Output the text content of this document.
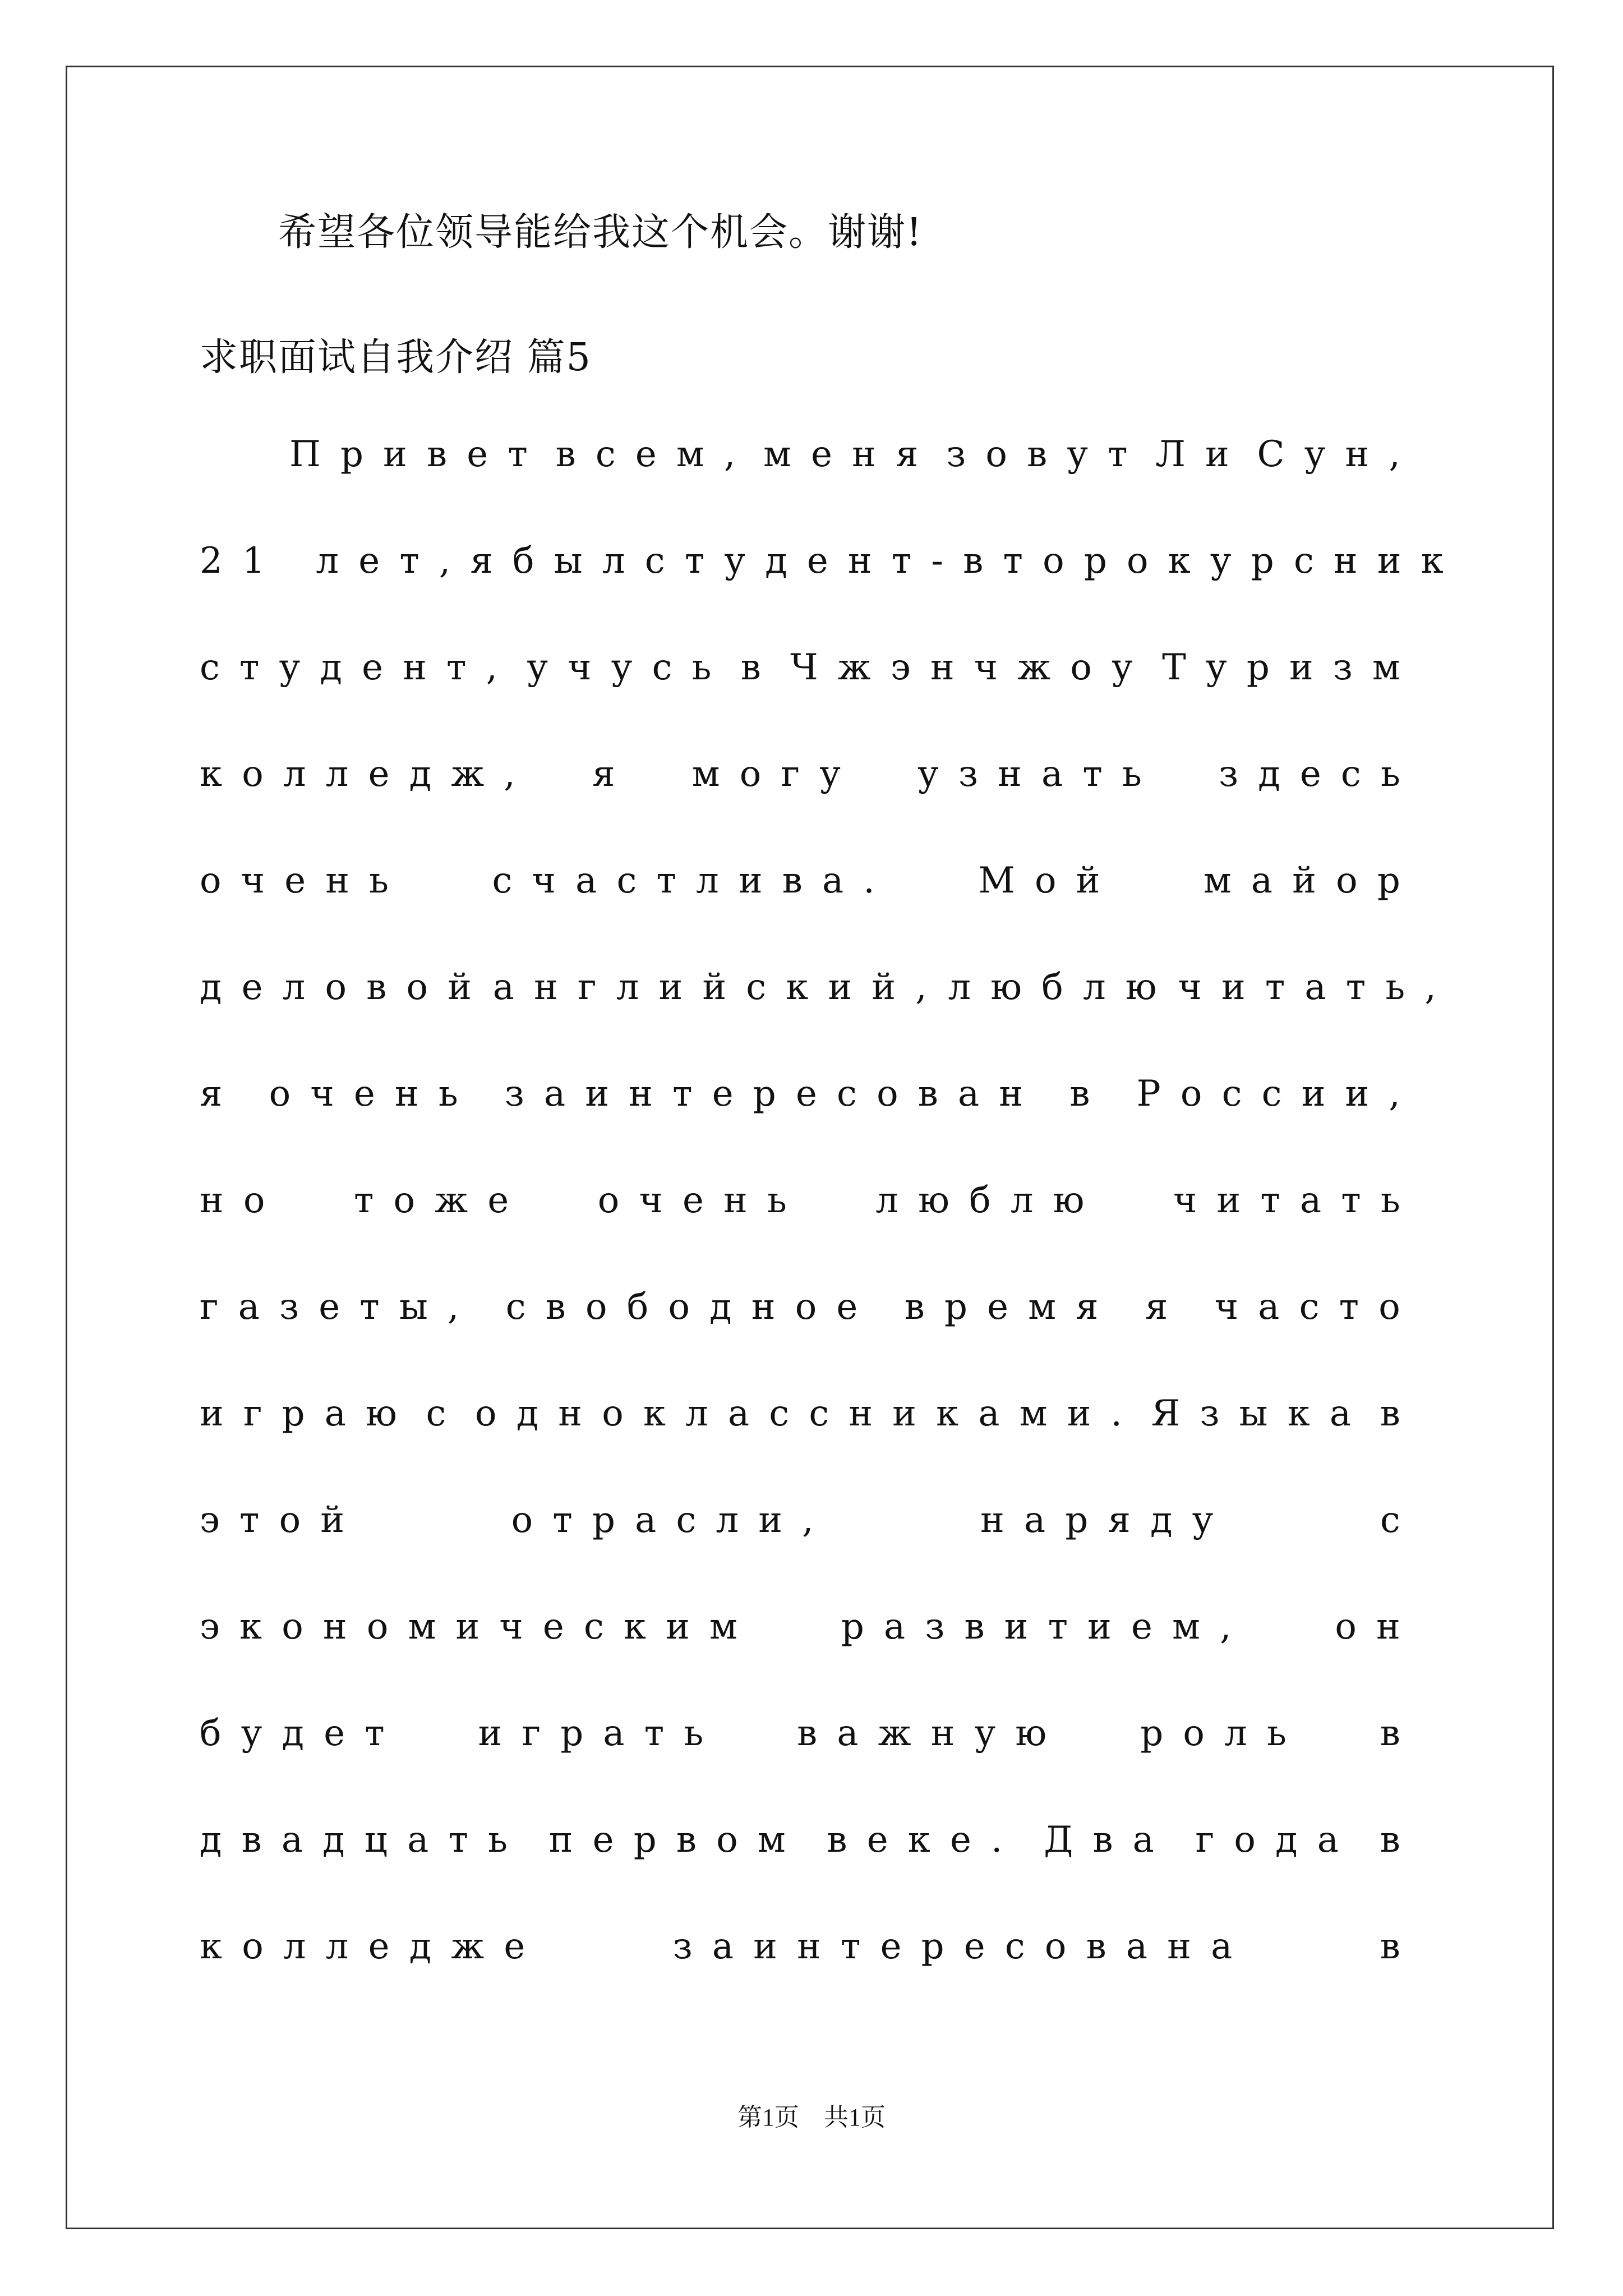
希望各位领导能给我这个机会。谢谢!
求职面试自我介绍 篇5
Привет всем, меня зовут Ли Сун,
21 лет, я был студент-второкурсник
студент, учусь в Чжэнчжоу Туризм
колледж, я могу узнать здесь
очень счастлива. Мой майор
деловой английский, люблю читать,
я очень заинтересован в России,
но тоже очень люблю читать
газеты, свободное время я часто
играю с одноклассниками. Языка в
этой	отрасли,	наряду	с
экономическим развитием, он
будет играть важную роль в
двадцать первом веке. Два года в
колледже	заинтересована	в
第1页　共1页
